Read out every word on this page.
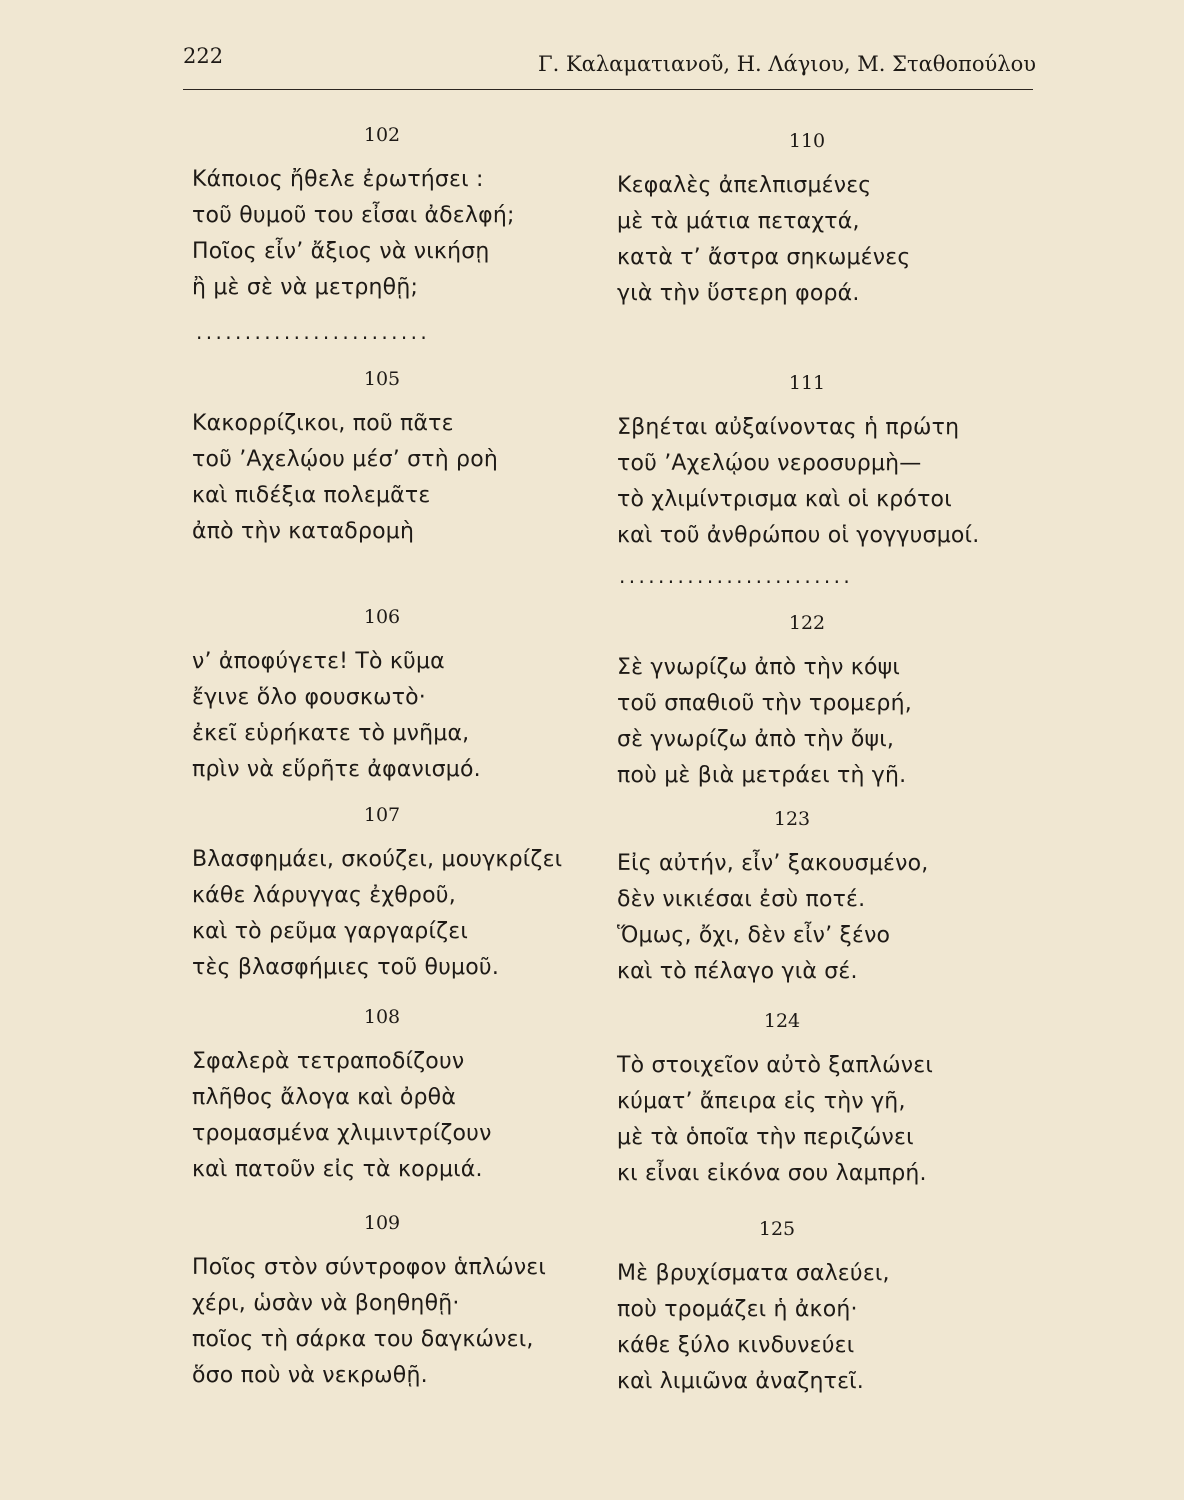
222	Γ. Καλαματιανοῦ, Η. Λάγιου, Μ. Σταθοπούλου
102
Κάποιος ἤθελε ἐρωτήσει :
τοῦ θυμοῦ του εἶσαι ἀδελφή;
Ποῖος εἶν’ ἄξιος νὰ νικήσῃ
ἢ μὲ σὲ νὰ μετρηθῇ;
........................
105
Κακορρίζικοι, ποῦ πᾶτε
τοῦ ’Αχελῴου μέσ’ στὴ ροὴ
καὶ πιδέξια πολεμᾶτε
ἀπὸ τὴν καταδρομὴ
106
ν’ ἀποφύγετε! Τὸ κῦμα
ἔγινε ὅλο φουσκωτὸ·
ἐκεῖ εὑρήκατε τὸ μνῆμα,
πρὶν νὰ εὕρῆτε ἀφανισμό.
107
Βλασφημάει, σκούζει, μουγκρίζει
κάθε λάρυγγας ἐχθροῦ,
καὶ τὸ ρεῦμα γαργαρίζει
τὲς βλασφήμιες τοῦ θυμοῦ.
108
Σφαλερὰ τετραποδίζουν
πλῆθος ἄλογα καὶ ὀρθὰ
τρομασμένα χλιμιντρίζουν
καὶ πατοῦν εἰς τὰ κορμιά.
109
Ποῖος στὸν σύντροφον ἁπλώνει
χέρι, ὡσὰν νὰ βοηθηθῇ·
ποῖος τὴ σάρκα του δαγκώνει,
ὅσο ποὺ νὰ νεκρωθῇ.
110
Κεφαλὲς ἀπελπισμένες
μὲ τὰ μάτια πεταχτά,
κατὰ τ’ ἄστρα σηκωμένες
γιὰ τὴν ὕστερη φορά.
111
Σβηέται αὐξαίνοντας ἡ πρώτη
τοῦ ’Αχελῴου νεροσυρμὴ—
τὸ χλιμίντρισμα καὶ οἱ κρότοι
καὶ τοῦ ἀνθρώπου οἱ γογγυσμοί.
........................
122
Σὲ γνωρίζω ἀπὸ τὴν κόψι
τοῦ σπαθιοῦ τὴν τρομερή,
σὲ γνωρίζω ἀπὸ τὴν ὄψι,
ποὺ μὲ βιὰ μετράει τὴ γῆ.
123
Εἰς αὐτήν, εἶν’ ξακουσμένο,
δὲν νικιέσαι ἐσὺ ποτέ.
Ὅμως, ὄχι, δὲν εἶν’ ξένο
καὶ τὸ πέλαγο γιὰ σέ.
124
Τὸ στοιχεῖον αὐτὸ ξαπλώνει
κύματ’ ἄπειρα εἰς τὴν γῆ,
μὲ τὰ ὁποῖα τὴν περιζώνει
κι εἶναι εἰκόνα σου λαμπρή.
125
Μὲ βρυχίσματα σαλεύει,
ποὺ τρομάζει ἡ ἀκοή·
κάθε ξύλο κινδυνεύει
καὶ λιμιῶνα ἀναζητεῖ.
